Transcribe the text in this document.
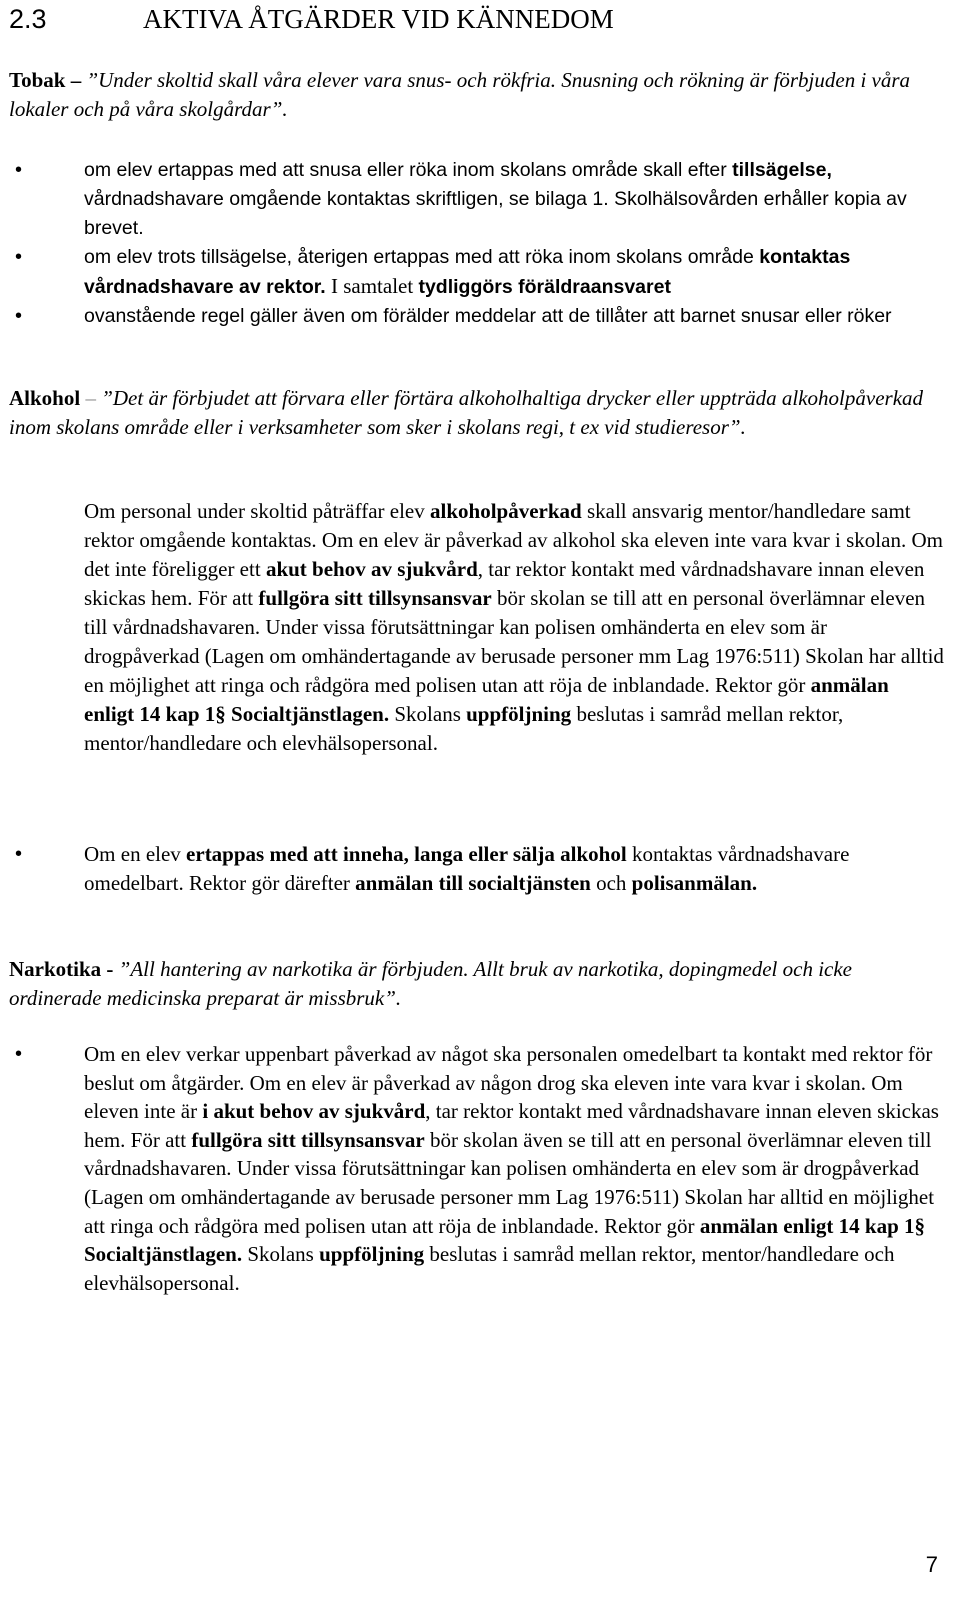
2.3	AKTIVA ÅTGÄRDER VID KÄNNEDOM
Tobak – ”Under skoltid skall våra elever vara snus- och rökfria. Snusning och rökning är förbjuden i våra lokaler och på våra skolgårdar”.
• om elev ertappas med att snusa eller röka inom skolans område skall efter tillsägelse, vårdnadshavare omgående kontaktas skriftligen, se bilaga 1. Skolhälsovården erhåller kopia av brevet.
• om elev trots tillsägelse, återigen ertappas med att röka inom skolans område kontaktas vårdnadshavare av rektor. I samtalet tydliggörs föräldraansvaret
• ovanstående regel gäller även om förälder meddelar att de tillåter att barnet snusar eller röker
Alkohol – ”Det är förbjudet att förvara eller förtära alkoholhaltiga drycker eller uppträda alkoholpåverkad inom skolans område eller i verksamheter som sker i skolans regi, t ex vid studieresor”.
Om personal under skoltid påträffar elev alkoholpåverkad skall ansvarig mentor/handledare samt rektor omgående kontaktas. Om en elev är påverkad av alkohol ska eleven inte vara kvar i skolan. Om det inte föreligger ett akut behov av sjukvård, tar rektor kontakt med vårdnadshavare innan eleven skickas hem. För att fullgöra sitt tillsynsansvar bör skolan se till att en personal överlämnar eleven till vårdnadshavaren. Under vissa förutsättningar kan polisen omhänderta en elev som är drogpåverkad (Lagen om omhändertagande av berusade personer mm Lag 1976:511) Skolan har alltid en möjlighet att ringa och rådgöra med polisen utan att röja de inblandade. Rektor gör anmälan enligt 14 kap 1§ Socialtjänstlagen. Skolans uppföljning beslutas i samråd mellan rektor, mentor/handledare och elevhälsopersonal.
• Om en elev ertappas med att inneha, langa eller sälja alkohol kontaktas vårdnadshavare omedelbart. Rektor gör därefter anmälan till socialtjänsten och polisanmälan.
Narkotika - ”All hantering av narkotika är förbjuden. Allt bruk av narkotika, dopingmedel och icke ordinerade medicinska preparat är missbruk”.
• Om en elev verkar uppenbart påverkad av något ska personalen omedelbart ta kontakt med rektor för beslut om åtgärder. Om en elev är påverkad av någon drog ska eleven inte vara kvar i skolan. Om eleven inte är i akut behov av sjukvård, tar rektor kontakt med vårdnadshavare innan eleven skickas hem. För att fullgöra sitt tillsynsansvar bör skolan även se till att en personal överlämnar eleven till vårdnadshavaren. Under vissa förutsättningar kan polisen omhänderta en elev som är drogpåverkad (Lagen om omhändertagande av berusade personer mm Lag 1976:511) Skolan har alltid en möjlighet att ringa och rådgöra med polisen utan att röja de inblandade. Rektor gör anmälan enligt 14 kap 1§ Socialtjänstlagen. Skolans uppföljning beslutas i samråd mellan rektor, mentor/handledare och elevhälsopersonal.
7
